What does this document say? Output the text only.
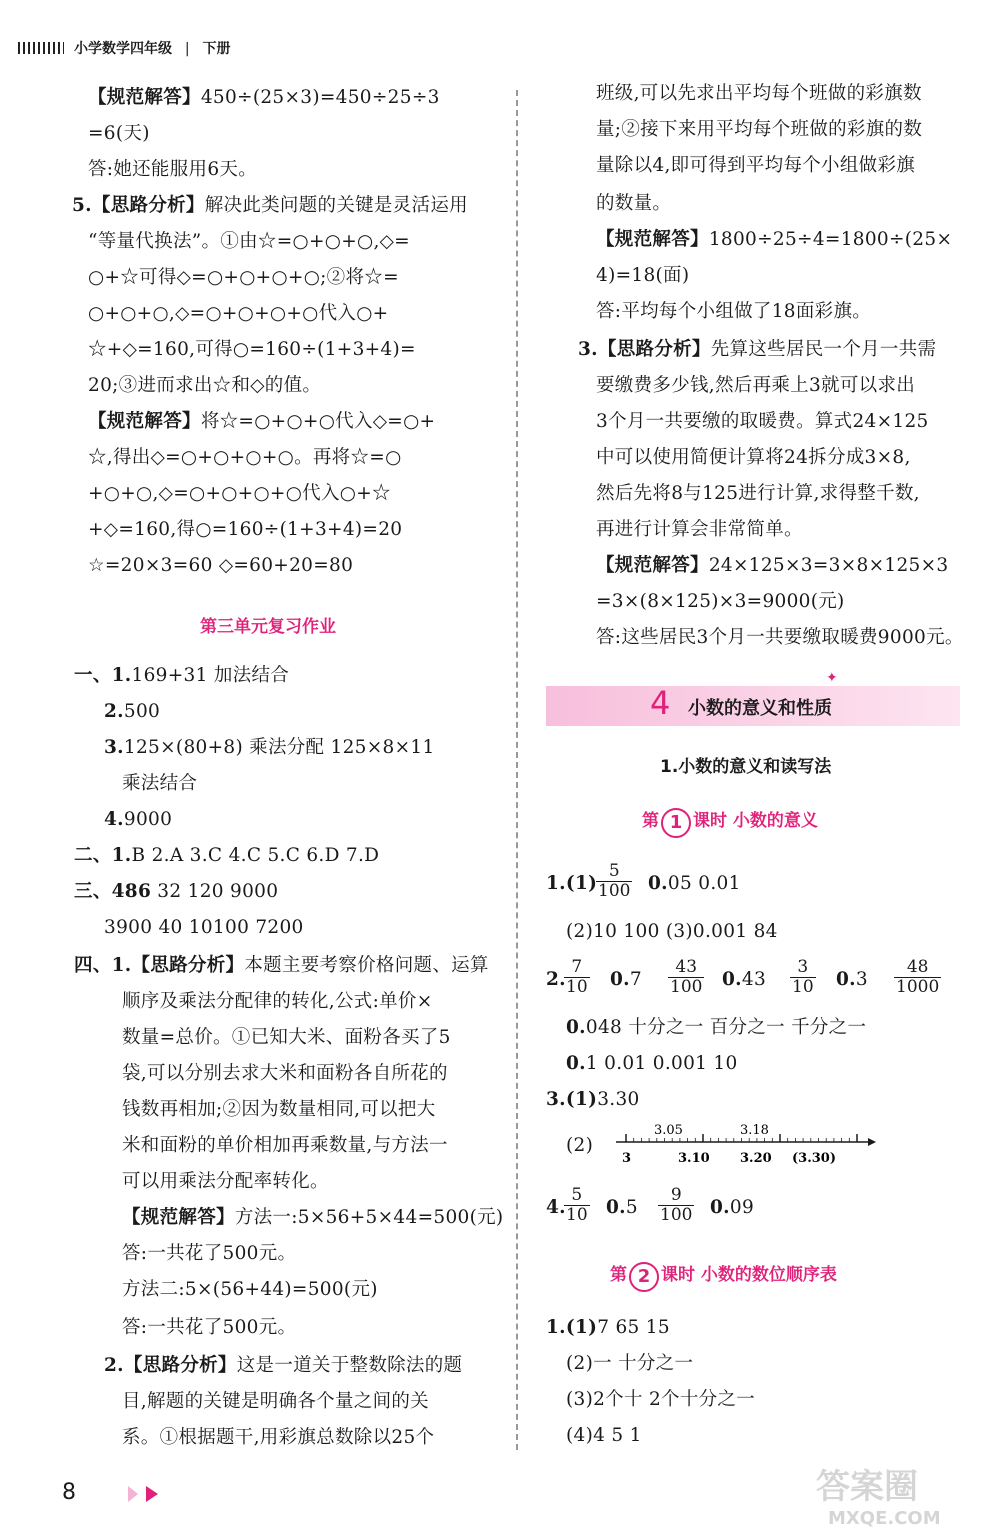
小学数学四年级 | 下册
【规范解答】450÷(25×3)=450÷25÷3
=6(天)
答:她还能服用6天。
5.【思路分析】解决此类问题的关键是灵活运用
“等量代换法”。①由☆=○+○+○,◇=
○+☆可得◇=○+○+○+○;②将☆=
○+○+○,◇=○+○+○+○代入○+
☆+◇=160,可得○=160÷(1+3+4)=
20;③进而求出☆和◇的值。
【规范解答】将☆=○+○+○代入◇=○+
☆,得出◇=○+○+○+○。再将☆=○
+○+○,◇=○+○+○+○代入○+☆
+◇=160,得○=160÷(1+3+4)=20
☆=20×3=60 ◇=60+20=80
一、1.169+31 加法结合
2.500
3.125×(80+8) 乘法分配 125×8×11
乘法结合
4.9000
二、1.B 2.A 3.C 4.C 5.C 6.D 7.D
三、486 32 120 9000
3900 40 10100 7200
四、1.【思路分析】本题主要考察价格问题、运算
顺序及乘法分配律的转化,公式:单价×
数量=总价。①已知大米、面粉各买了5
袋,可以分别去求大米和面粉各自所花的
钱数再相加;②因为数量相同,可以把大
米和面粉的单价相加再乘数量,与方法一
可以用乘法分配率转化。
【规范解答】方法一:5×56+5×44=500(元)
答:一共花了500元。
方法二:5×(56+44)=500(元)
答:一共花了500元。
2.【思路分析】这是一道关于整数除法的题
目,解题的关键是明确各个量之间的关
系。①根据题干,用彩旗总数除以25个
第三单元复习作业
班级,可以先求出平均每个班做的彩旗数
量;②接下来用平均每个班做的彩旗的数
量除以4,即可得到平均每个小组做彩旗
的数量。
【规范解答】1800÷25÷4=1800÷(25×
4)=18(面)
答:平均每个小组做了18面彩旗。
3.【思路分析】先算这些居民一个月一共需
要缴费多少钱,然后再乘上3就可以求出
3个月一共要缴的取暖费。算式24×125
中可以使用简便计算将24拆分成3×8,
然后先将8与125进行计算,求得整千数,
再进行计算会非常简单。
【规范解答】24×125×3=3×8×125×3
=3×(8×125)×3=9000(元)
答:这些居民3个月一共要缴取暖费9000元。
(2)10 100 (3)0.001 84
0.048 十分之一 百分之一 千分之一
0.1 0.01 0.001 10
3.(1)3.30
1.(1)7 65 15
(2)一 十分之一
(3)2个十 2个十分之一
(4)4 5 1
4 小数的意义和性质
✦
1.小数的意义和读写法
第 1 课时 小数的意义
1.(1)
$\frac{5}{100} 0.05$ 0.01
2.
$\frac{7}{10} 0.7 \frac{43}{100} 0.43 \frac{3}{10} 0.3 \frac{48}{1000}$
(2)
3.05	3.18
3	3.10 3.20 (3.30)
4.
$\frac{5}{10} 0.5 \frac{9}{100} 0.09$
第 2 课时 小数的数位顺序表
8	答案圈
MXQE.COM
